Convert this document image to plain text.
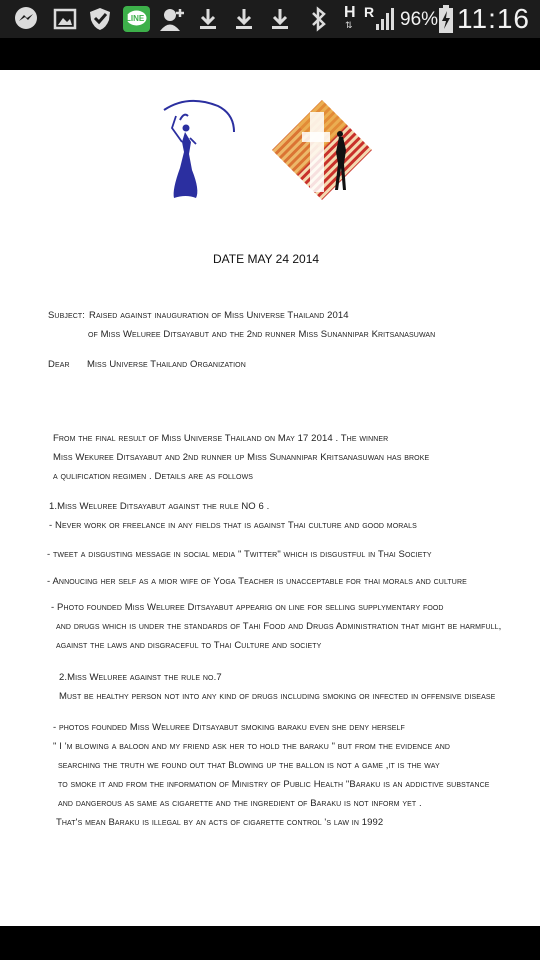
LINE	H
⇅
R 96% 11:16
DATE MAY 24 2014
Subject: Raised against inauguration of Miss Universe Thailand 2014
of Miss Weluree Ditsayabut and the 2nd runner Miss Sunannipar Kritsanasuwan
Dear Miss Universe Thailand Organization
From the final result of Miss Universe Thailand on May 17 2014 . The winner
Miss Wekuree Ditsayabut and 2nd runner up Miss Sunannipar Kritsanasuwan has broke
a qulification regimen . Details are as follows
1.Miss Weluree Ditsayabut against the rule NO 6 .
- Never work or freelance in any fields that is against Thai culture and good morals
- tweet a disgusting message in social media " Twitter" which is disgustful in Thai Society
- Annoucing her self as a mior wife of Yoga Teacher is unacceptable for thai morals and culture
- Photo founded Miss Weluree Ditsayabut appearig on line for selling supplymentary food
and drugs which is under the standards of Tahi Food and Drugs Administration that might be harmfull,
against the laws and disgraceful to Thai Culture and society
2.Miss Weluree against the rule no.7
Must be healthy person not into any kind of drugs including smoking or infected in offensive disease
- photos founded Miss Weluree Ditsayabut smoking baraku even she deny herself
" I 'm blowing a baloon and my friend ask her to hold the baraku " but from the evidence and
searching the truth we found out that Blowing up the ballon is not a game ,it is the way
to smoke it and from the information of Ministry of Public Health "Baraku is an addictive substance
and dangerous as same as cigarette and the ingredient of Baraku is not inform yet .
That's mean Baraku is illegal by an acts of cigarette control 's law in 1992
